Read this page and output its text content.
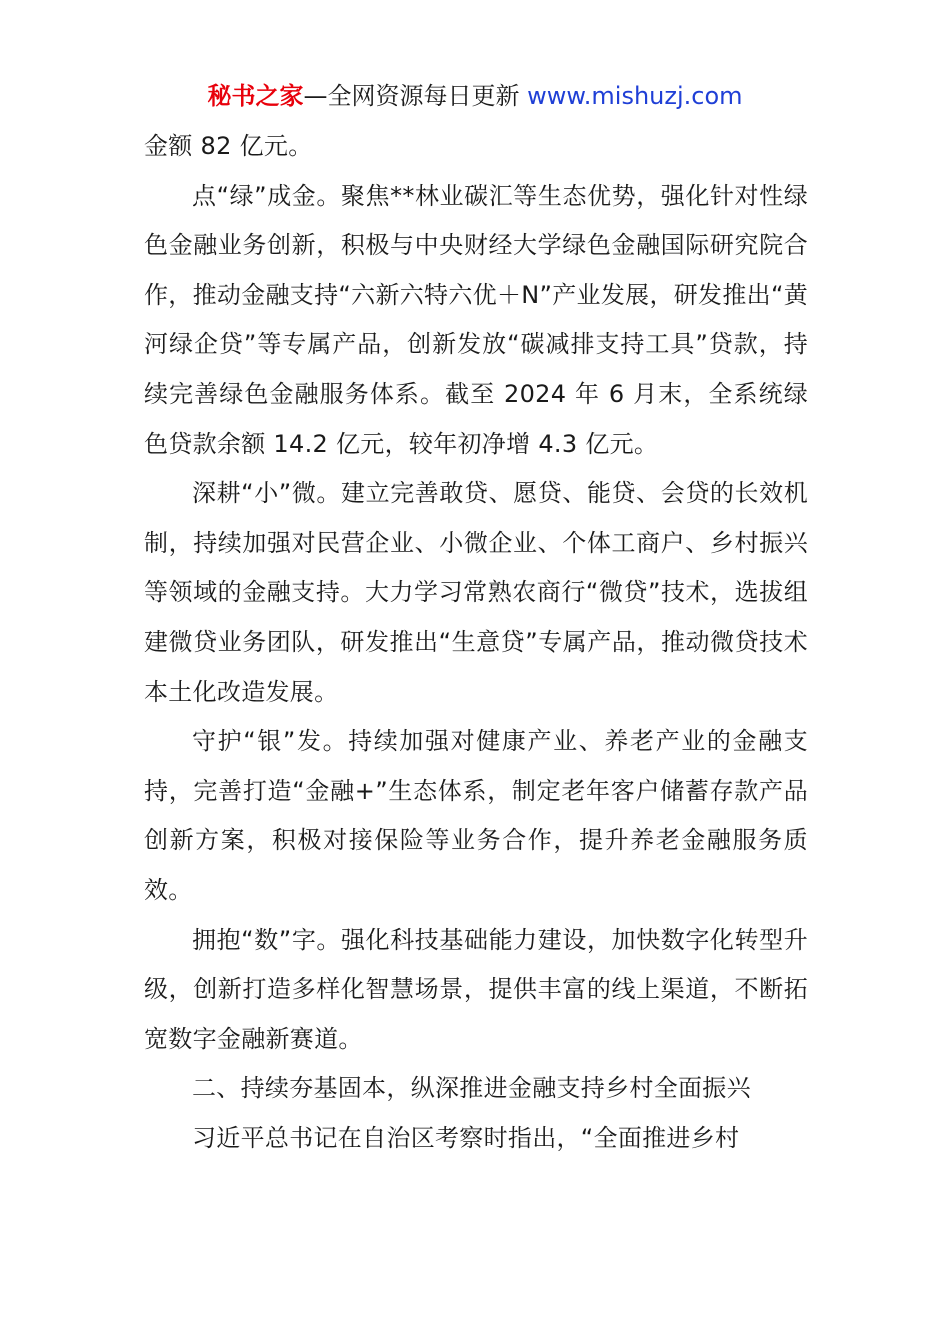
秘书之家—全网资源每日更新 www.mishuzj.com

金额 82 亿元。

点“绿”成金。聚焦**林业碳汇等生态优势，强化针对性绿色金融业务创新，积极与中央财经大学绿色金融国际研究院合作，推动金融支持“六新六特六优＋N”产业发展，研发推出“黄河绿企贷”等专属产品，创新发放“碳减排支持工具”贷款，持续完善绿色金融服务体系。截至 2024 年 6 月末，全系统绿色贷款余额 14.2 亿元，较年初净增 4.3 亿元。

深耕“小”微。建立完善敢贷、愿贷、能贷、会贷的长效机制，持续加强对民营企业、小微企业、个体工商户、乡村振兴等领域的金融支持。大力学习常熟农商行“微贷”技术，选拔组建微贷业务团队，研发推出“生意贷”专属产品，推动微贷技术本土化改造发展。

守护“银”发。持续加强对健康产业、养老产业的金融支持，完善打造“金融+”生态体系，制定老年客户储蓄存款产品创新方案，积极对接保险等业务合作，提升养老金融服务质效。

拥抱“数”字。强化科技基础能力建设，加快数字化转型升级，创新打造多样化智慧场景，提供丰富的线上渠道，不断拓宽数字金融新赛道。

二、持续夯基固本，纵深推进金融支持乡村全面振兴

习近平总书记在自治区考察时指出，“全面推进乡村
